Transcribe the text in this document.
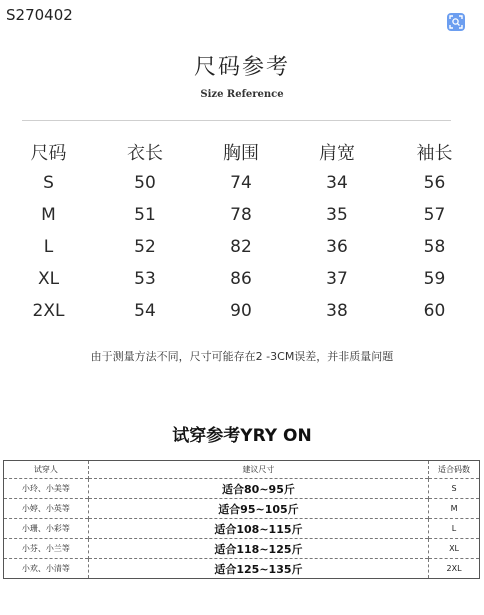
S270402
尺码参考
Size Reference
尺码	衣长	胸围	肩宽	袖长
S	50	74	34	56
M	51	78	35	57
L	52	82	36	58
XL	53	86	37	59
2XL	54	90	38	60
由于测量方法不同，尺寸可能存在2 -3CM误差，并非质量问题
试穿参考YRY ON
试穿人	建议尺寸	适合码数
小玲、小美等	适合80~95斤	S
小婷、小英等	适合95~105斤	M
小珊、小彩等	适合108~115斤	L
小芬、小兰等	适合118~125斤	XL
小欢、小清等	适合125~135斤	2XL
